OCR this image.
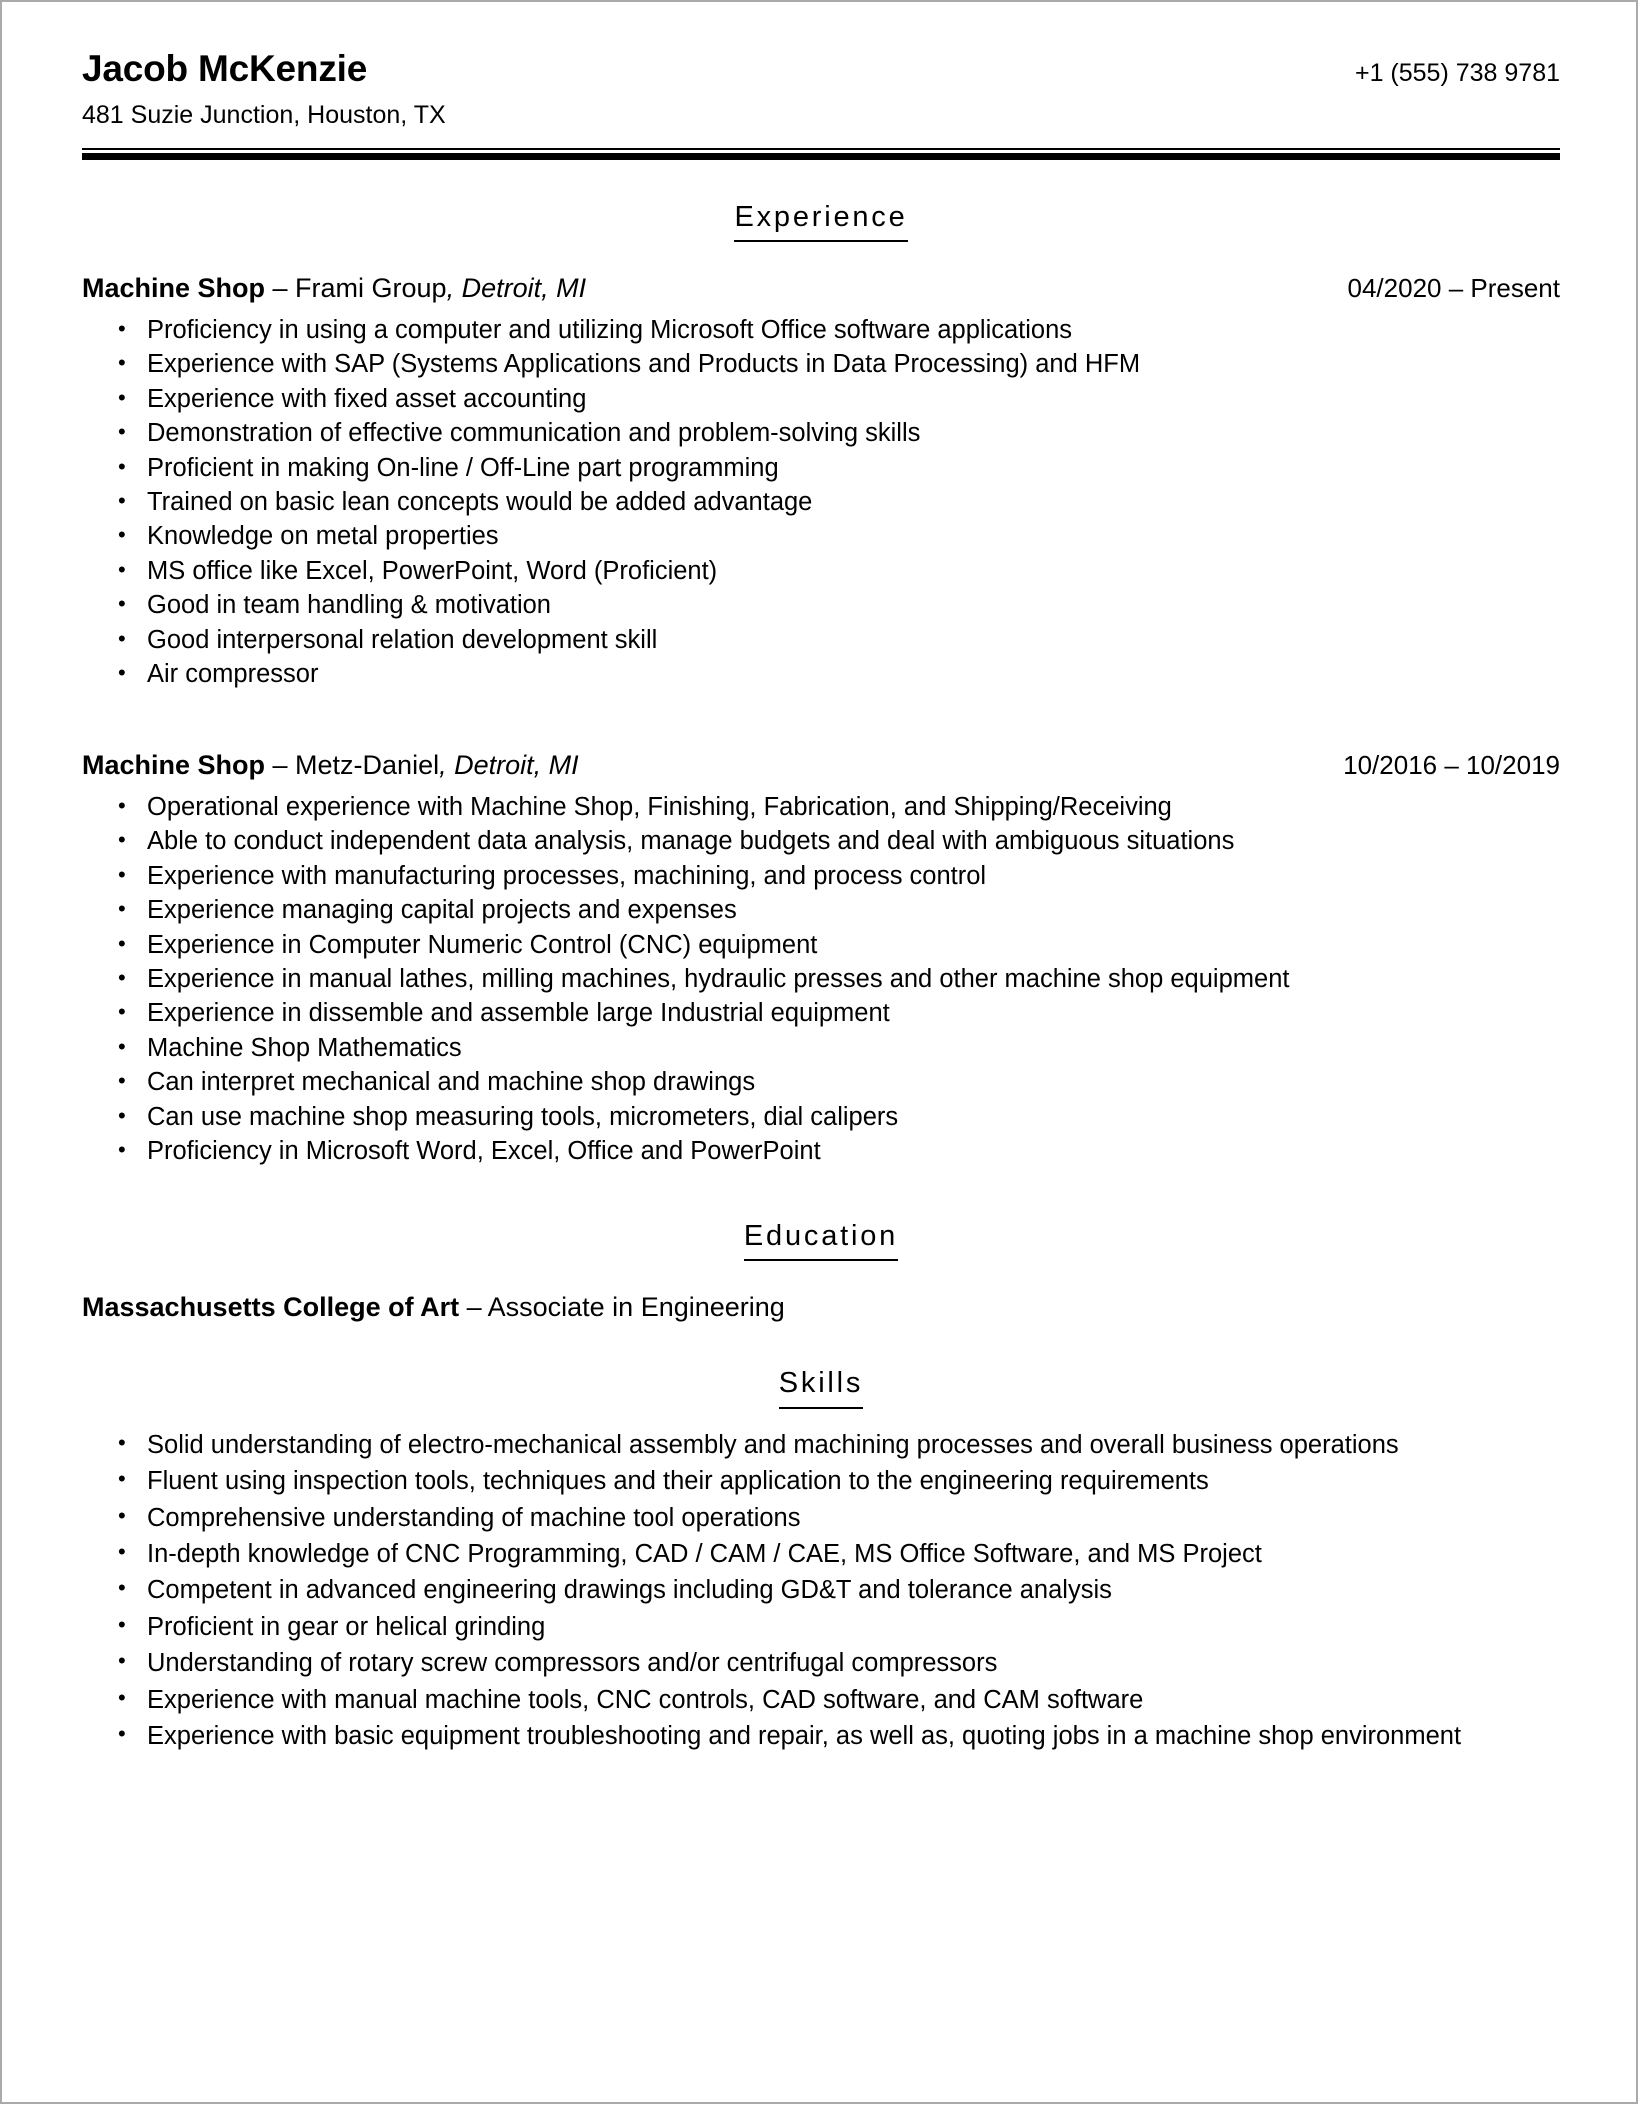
Jacob McKenzie	+1 (555) 738 9781
481 Suzie Junction, Houston, TX
Experience
Machine Shop – Frami Group, Detroit, MI	04/2020 – Present
• Proficiency in using a computer and utilizing Microsoft Office software applications
• Experience with SAP (Systems Applications and Products in Data Processing) and HFM
• Experience with fixed asset accounting
• Demonstration of effective communication and problem-solving skills
• Proficient in making On-line / Off-Line part programming
• Trained on basic lean concepts would be added advantage
• Knowledge on metal properties
• MS office like Excel, PowerPoint, Word (Proficient)
• Good in team handling & motivation
• Good interpersonal relation development skill
• Air compressor
Machine Shop – Metz-Daniel, Detroit, MI	10/2016 – 10/2019
• Operational experience with Machine Shop, Finishing, Fabrication, and Shipping/Receiving
• Able to conduct independent data analysis, manage budgets and deal with ambiguous situations
• Experience with manufacturing processes, machining, and process control
• Experience managing capital projects and expenses
• Experience in Computer Numeric Control (CNC) equipment
• Experience in manual lathes, milling machines, hydraulic presses and other machine shop equipment
• Experience in dissemble and assemble large Industrial equipment
• Machine Shop Mathematics
• Can interpret mechanical and machine shop drawings
• Can use machine shop measuring tools, micrometers, dial calipers
• Proficiency in Microsoft Word, Excel, Office and PowerPoint
Education
Massachusetts College of Art – Associate in Engineering
Skills
• Solid understanding of electro-mechanical assembly and machining processes and overall business operations
• Fluent using inspection tools, techniques and their application to the engineering requirements
• Comprehensive understanding of machine tool operations
• In-depth knowledge of CNC Programming, CAD / CAM / CAE, MS Office Software, and MS Project
• Competent in advanced engineering drawings including GD&T and tolerance analysis
• Proficient in gear or helical grinding
• Understanding of rotary screw compressors and/or centrifugal compressors
• Experience with manual machine tools, CNC controls, CAD software, and CAM software
• Experience with basic equipment troubleshooting and repair, as well as, quoting jobs in a machine shop environment
